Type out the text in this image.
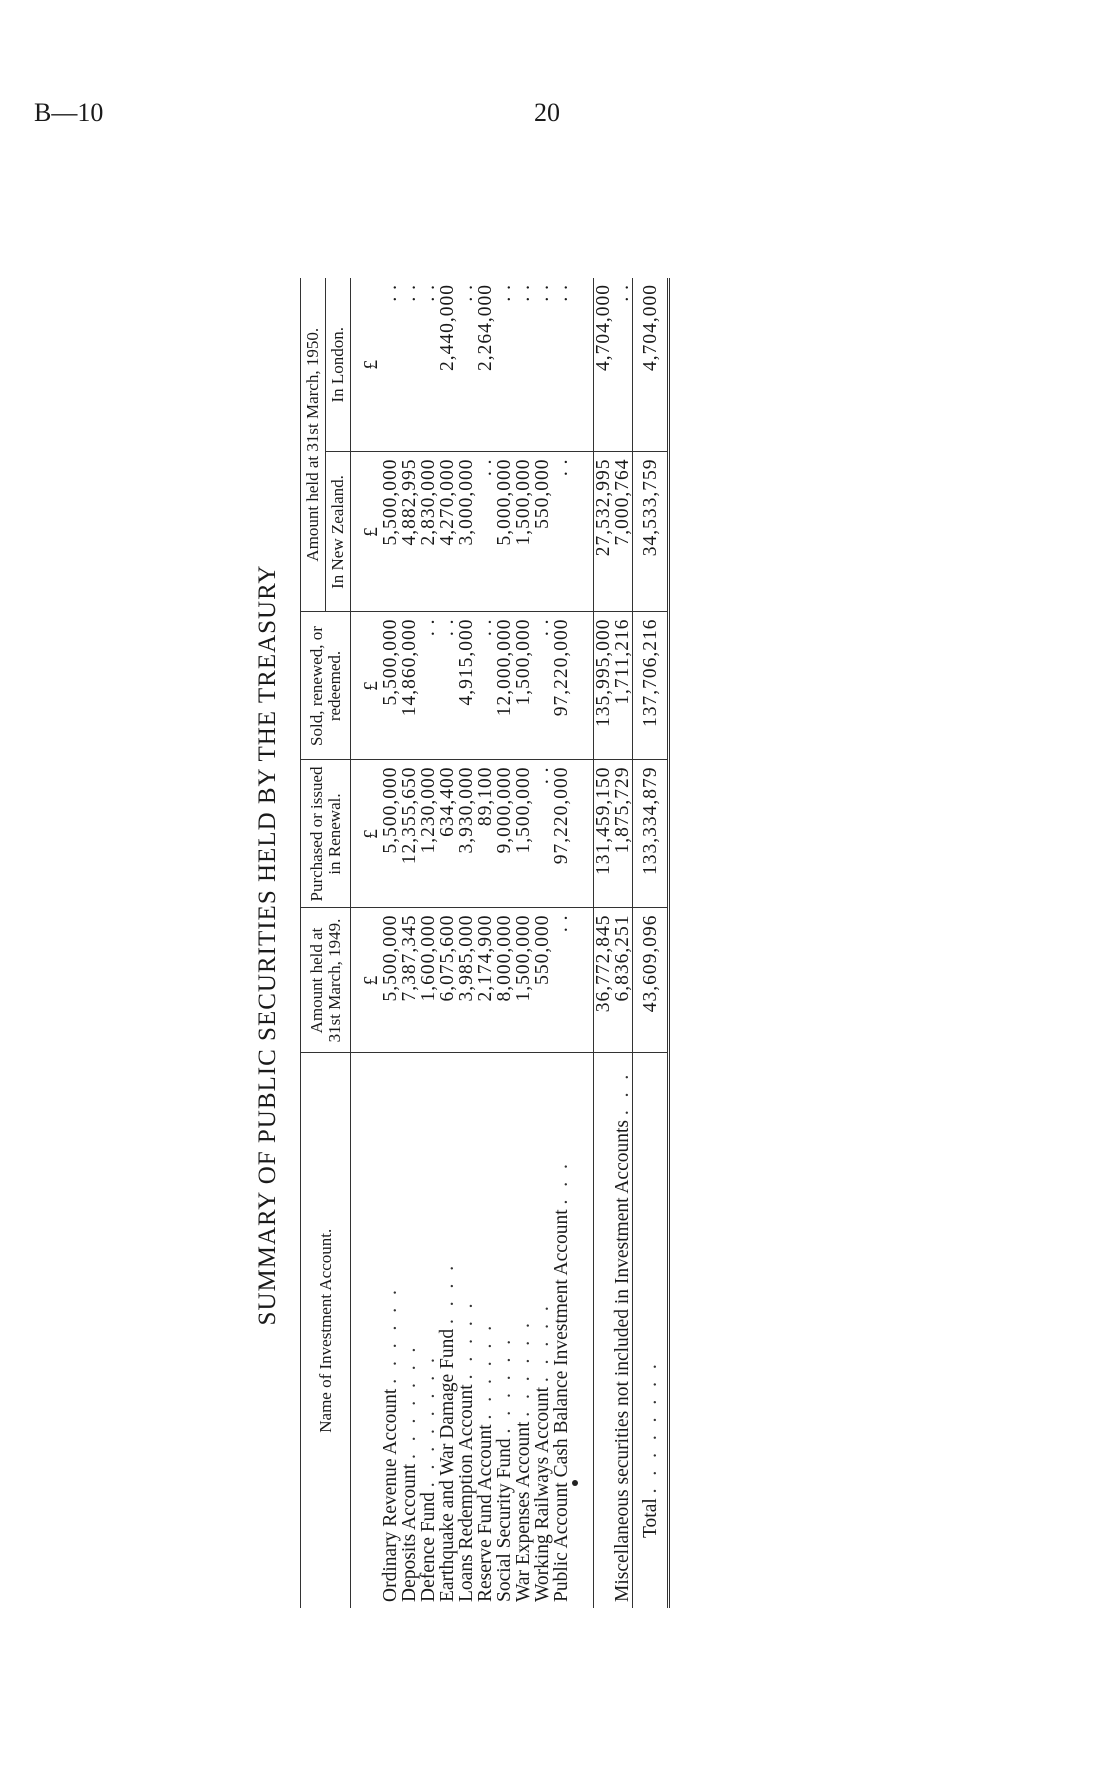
B—10	20
SUMMARY OF PUBLIC SECURITIES HELD BY THE TREASURY
Name of Investment Account.	Amount held at 31st March, 1949.	Purchased or issued in Renewal.	Sold, renewed, or redeemed.	Amount held at 31st March, 1950.	
				In New Zealand.	In London.
	£	£	£	£	£
Ordinary Revenue Account . . . . . .	5,500,000	5,500,000	5,500,000	5,500,000	. .
Deposits Account . . . . . . .	7,387,345	12,355,650	14,860,000	4,882,995	. .
Defence Fund . . . . . . . .	1,600,000	1,230,000	. .	2,830,000	. .
Earthquake and War Damage Fund . . . .	6,075,600	634,400	. .	4,270,000	2,440,000
Loans Redemption Account . . . . .	3,985,000	3,930,000	4,915,000	3,000,000	. .
Reserve Fund Account . . . . . .	2,174,900	89,100	. .	. .	2,264,000
Social Security Fund . . . . . .	8,000,000	9,000,000	12,000,000	5,000,000	. .
War Expenses Account . . . . . .	1,500,000	1,500,000	1,500,000	1,500,000	. .
Working Railways Account . . . . .	550,000	. .	. .	550,000	. .
Public Account Cash Balance Investment Account . . .	. .	97,220,000	97,220,000	. .	. .

	36,772,845	131,459,150	135,995,000	27,532,995	4,704,000
Miscellaneous securities not included in Investment Accounts . . .	6,836,251	1,875,729	1,711,216	7,000,764	. .
Total . . . . . . . .	43,609,096	133,334,879	137,706,216	34,533,759	4,704,000
